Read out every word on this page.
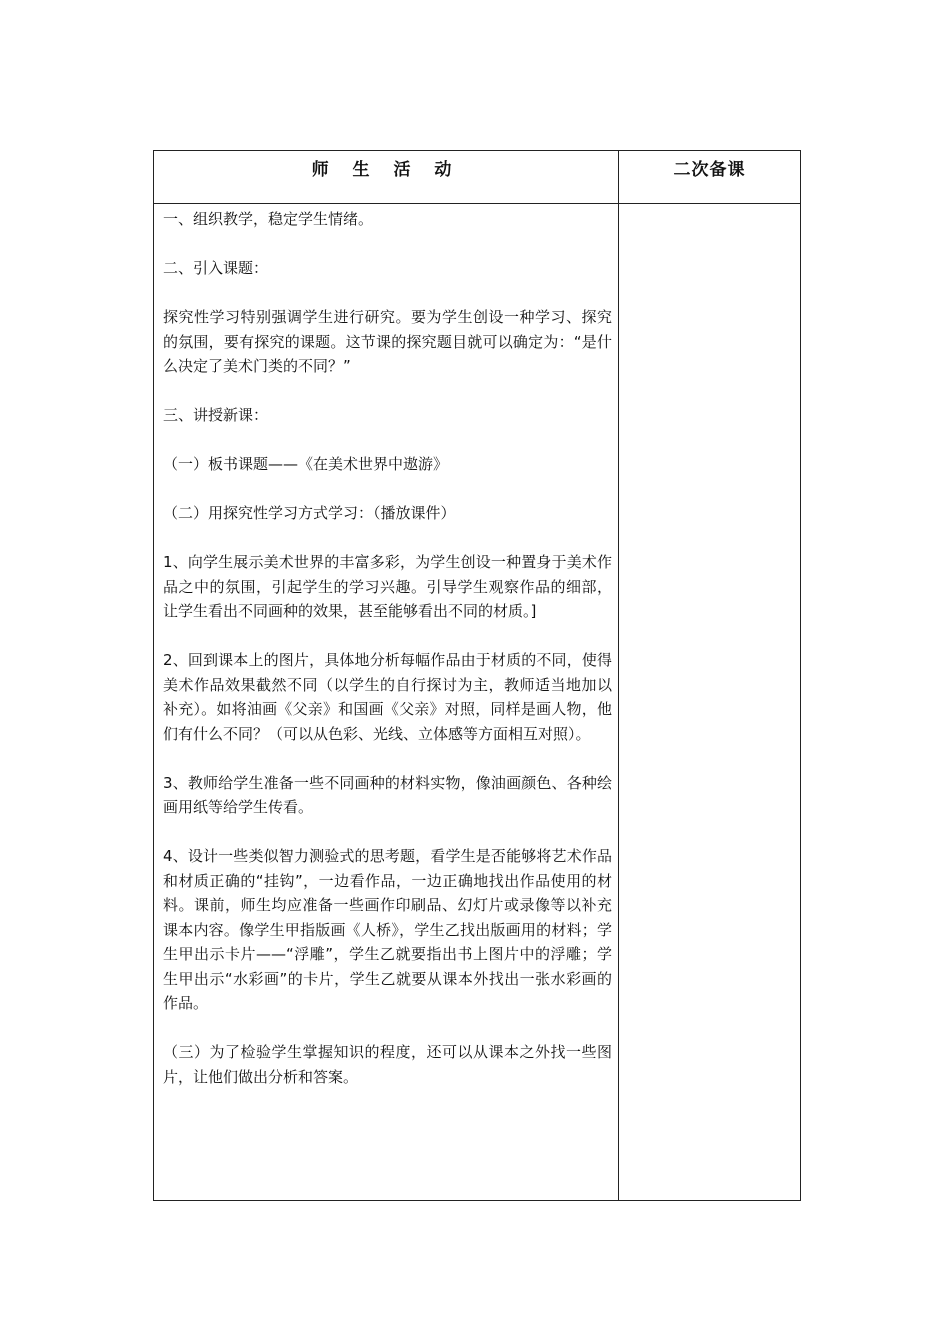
师 生 活 动	二次备课

一、组织教学，稳定学生情绪。

二、引入课题：

探究性学习特别强调学生进行研究。要为学生创设一种学习、探究的氛围，要有探究的课题。这节课的探究题目就可以确定为：“是什么决定了美术门类的不同？”

三、讲授新课：

（一）板书课题——《在美术世界中遨游》

（二）用探究性学习方式学习：（播放课件）

1、向学生展示美术世界的丰富多彩，为学生创设一种置身于美术作品之中的氛围，引起学生的学习兴趣。引导学生观察作品的细部，让学生看出不同画种的效果，甚至能够看出不同的材质。]

2、回到课本上的图片，具体地分析每幅作品由于材质的不同，使得美术作品效果截然不同（以学生的自行探讨为主，教师适当地加以补充）。如将油画《父亲》和国画《父亲》对照，同样是画人物，他们有什么不同？（可以从色彩、光线、立体感等方面相互对照）。

3、教师给学生准备一些不同画种的材料实物，像油画颜色、各种绘画用纸等给学生传看。

4、设计一些类似智力测验式的思考题，看学生是否能够将艺术作品和材质正确的“挂钩”，一边看作品，一边正确地找出作品使用的材料。课前，师生均应准备一些画作印刷品、幻灯片或录像等以补充课本内容。像学生甲指版画《人桥》，学生乙找出版画用的材料；学生甲出示卡片——“浮雕”，学生乙就要指出书上图片中的浮雕；学生甲出示“水彩画”的卡片，学生乙就要从课本外找出一张水彩画的作品。

（三）为了检验学生掌握知识的程度，还可以从课本之外找一些图片，让他们做出分析和答案。
